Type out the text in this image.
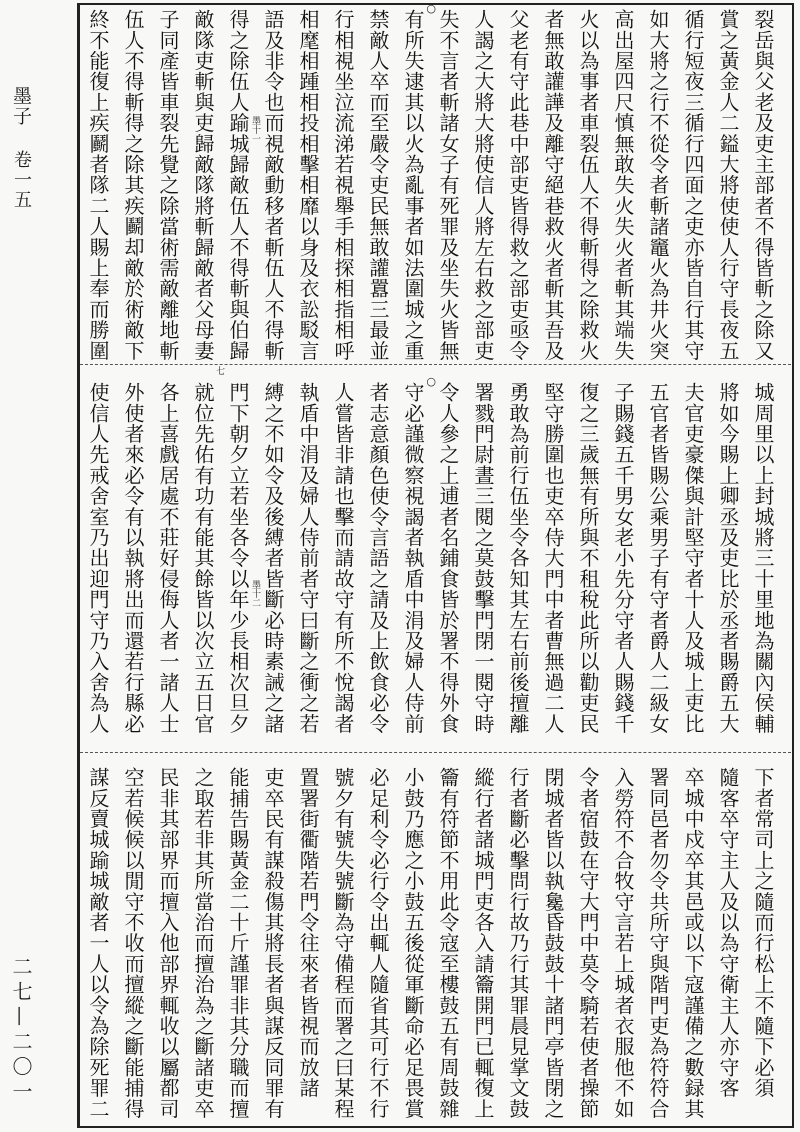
墨子
卷一五
二七—二〇一
裂岳與父老及吏主部者不得皆斬之除又
賞之黃金人二鎰大將使使人行守長夜五
循行短夜三循行四面之吏亦皆自行其守
如大將之行不從令者斬諸竈火為井火突
高出屋四尺慎無敢失火失火者斬其端失
火以為事者車裂伍人不得斬得之除救火
者無敢讙譁及離守絕巷救火者斬其吾及
父老有守此巷中部吏皆得救之部吏亟令
人謁之大將大將使信人將左右救之部吏
失不言者斬諸女子有死罪及坐失火皆無
有所失逮其以火為亂事者如法圍城之重
○
禁敵人卒而至嚴令吏民無敢讙囂三最並
行相視坐泣流涕若視舉手相探相指相呼
相麾相踵相投相擊相靡以身及衣訟駁言
語及非令也而視敵動移者斬伍人不得斬
得之除伍人踰城歸敵伍人不得斬與伯歸
敵隊吏斬與吏歸敵隊將斬歸敵者父母妻
子同產皆車裂先覺之除當術需敵離地斬
伍人不得斬得之除其疾鬬却敵於術敵下
終不能復上疾鬬者隊二人賜上奉而勝圍
城周里以上封城將三十里地為關內侯輔
將如今賜上卿丞及吏比於丞者賜爵五大
夫官吏豪傑與計堅守者十人及城上吏比
五官者皆賜公乘男子有守者爵人二級女
子賜錢五千男女老小先分守者人賜錢千
復之三歲無有所與不租稅此所以勸吏民
堅守勝圍也吏卒侍大門中者曹無過二人
勇敢為前行伍坐令各知其左右前後擅離
署戮門尉晝三閱之莫鼓擊門閉一閱守時
令人參之上逋者名鋪食皆於署不得外食
守必謹微察視謁者執盾中涓及婦人侍前
○
者志意顏色使令言語之請及上飲食必令
人嘗皆非請也擊而請故守有所不悅謁者
執盾中涓及婦人侍前者守曰斷之衝之若
縛之不如令及後縛者皆斷必時素誡之諸
門下朝夕立若坐各令以年少長相次旦夕
就位先佑有功有能其餘皆以次立五日官
各上喜戲居處不莊好侵侮人者一諸人士
外使者來必令有以執將出而還若行縣必
使信人先戒舍室乃出迎門守乃入舍為人
下者常司上之隨而行松上不隨下必須
隨客卒守主人及以為守衛主人亦守客
卒城中戍卒其邑或以下寇謹備之數録其
署同邑者勿令共所守與階門吏為符符合
入勞符不合牧守言若上城者衣服他不如
令者宿鼓在守大門中莫令騎若使者操節
閉城者皆以執毚昏鼓鼓十諸門亭皆閉之
行者斷必擊問行故乃行其罪晨見掌文鼓
縱行者諸城門吏各入請籥開門已輒復上
籥有符節不用此令寇至樓鼓五有周鼓雜
小鼓乃應之小鼓五後從軍斷命必足畏賞
必足利令必行令出輒人隨省其可行不行
號夕有號失號斷為守備程而署之曰某程
置署街衢階若門令往來者皆視而放諸
吏卒民有謀殺傷其將長者與謀反同罪有
能捕告賜黃金二十斤謹罪非其分職而擅
之取若非其所當治而擅治為之斷諸吏卒
民非其部界而擅入他部界輒收以屬都司
空若候候以閒守不收而擅縱之斷能捕得
謀反賣城踰城敵者一人以令為除死罪二
墨十一
墨十二
七
